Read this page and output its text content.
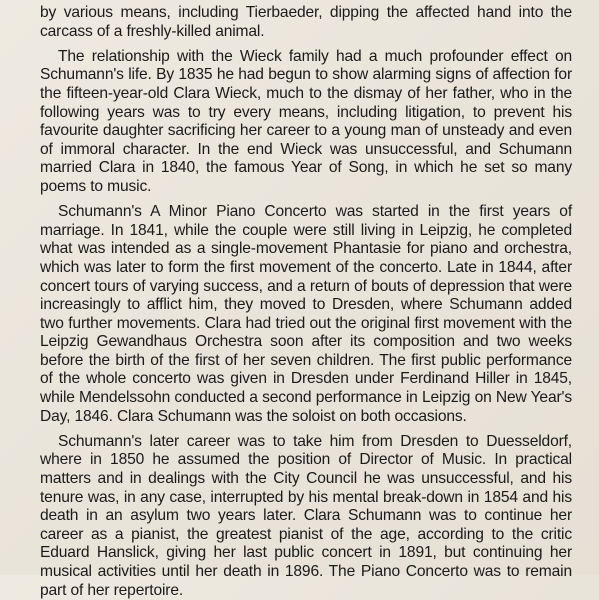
by various means, including Tierbaeder, dipping the affected hand into the carcass of a freshly-killed animal.

The relationship with the Wieck family had a much profounder effect on Schumann's life. By 1835 he had begun to show alarming signs of affection for the fifteen-year-old Clara Wieck, much to the dismay of her father, who in the following years was to try every means, including litigation, to prevent his favourite daughter sacrificing her career to a young man of unsteady and even of immoral character. In the end Wieck was unsuccessful, and Schumann married Clara in 1840, the famous Year of Song, in which he set so many poems to music.

Schumann's A Minor Piano Concerto was started in the first years of marriage. In 1841, while the couple were still living in Leipzig, he completed what was intended as a single-movement Phantasie for piano and orchestra, which was later to form the first movement of the concerto. Late in 1844, after concert tours of varying success, and a return of bouts of depression that were increasingly to afflict him, they moved to Dresden, where Schumann added two further movements. Clara had tried out the original first movement with the Leipzig Gewandhaus Orchestra soon after its composition and two weeks before the birth of the first of her seven children. The first public performance of the whole concerto was given in Dresden under Ferdinand Hiller in 1845, while Mendelssohn conducted a second performance in Leipzig on New Year's Day, 1846. Clara Schumann was the soloist on both occasions.

Schumann's later career was to take him from Dresden to Duesseldorf, where in 1850 he assumed the position of Director of Music. In practical matters and in dealings with the City Council he was unsuccessful, and his tenure was, in any case, interrupted by his mental break-down in 1854 and his death in an asylum two years later. Clara Schumann was to continue her career as a pianist, the greatest pianist of the age, according to the critic Eduard Hanslick, giving her last public concert in 1891, but continuing her musical activities until her death in 1896. The Piano Concerto was to remain part of her repertoire.
